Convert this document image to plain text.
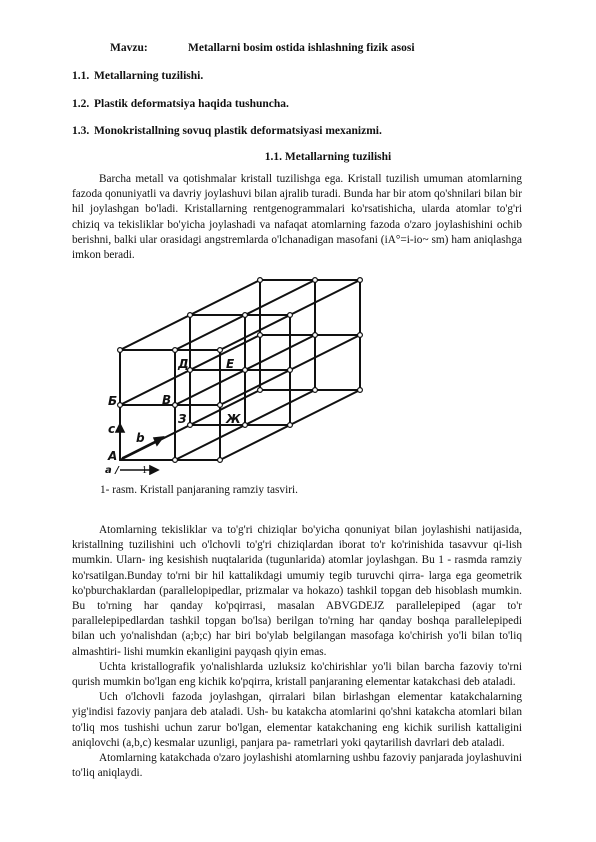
Mavzu:	Metallarni bosim ostida ishlashning fizik asosi
1.1. Metallarning tuzilishi.
1.2. Plastik deformatsiya haqida tushuncha.
1.3. Monokristallning sovuq plastik deformatsiyasi mexanizmi.
1.1. Metallarning tuzilishi

Barcha metall va qotishmalar kristall tuzilishga ega. Kristall tuzilish umuman atomlarning fazoda qonuniyatli va davriy joylashuvi bilan ajralib turadi. Bunda har bir atom qo'shnilari bilan bir hil joylashgan bo'ladi. Kristallarning rentgenogrammalari ko'rsatishicha, ularda atomlar to'g'ri chiziq va tekisliklar bo'yicha joylashadi va nafaqat atomlarning fazoda o'zaro joylashishini ochib berishni, balki ular orasidagi angstremlarda o'lchanadigan masofani (iA°=i-io~ sm) ham aniqlashga imkon beradi.

A
Б	В
Д	Е
З	Ж
c
b
a / 1
1- rasm. Kristall panjaraning ramziy tasviri.

Atomlarning tekisliklar va to'g'ri chiziqlar bo'yicha qonuniyat bilan joylashishi natijasida, kristallning tuzilishini uch o'lchovli to'g'ri chiziqlardan iborat to'r ko'rinishida tasavvur qi-lish mumkin. Ularn- ing kesishish nuqtalarida (tugunlarida) atomlar joylashgan. Bu 1 - rasmda ramziy ko'rsatilgan.Bunday to'rni bir hil kattalikdagi umumiy tegib turuvchi qirra- larga ega geometrik ko'pburchaklardan (parallelopipedlar, prizmalar va hokazo) tashkil topgan deb hisoblash mumkin. Bu to'rning har qanday ko'pqirrasi, masalan ABVGDEJZ parallelepiped (agar to'r parallelepipedlardan tashkil topgan bo'lsa) berilgan to'rning har qanday boshqa parallelepipedi bilan uch yo'nalishdan (a;b;c) har biri bo'ylab belgilangan masofaga ko'chirish yo'li bilan to'liq almashtiri- lishi mumkin ekanligini payqash qiyin emas.

Uchta kristallografik yo'nalishlarda uzluksiz ko'chirishlar yo'li bilan barcha fazoviy to'rni qurish mumkin bo'lgan eng kichik ko'pqirra, kristall panjaraning elementar katakchasi deb ataladi.

Uch o'lchovli fazoda joylashgan, qirralari bilan birlashgan elementar katakchalarning yig'indisi fazoviy panjara deb ataladi. Ush- bu katakcha atomlarini qo'shni katakcha atomlari bilan to'liq mos tushishi uchun zarur bo'lgan, elementar katakchaning eng kichik surilish kattaligini aniqlovchi (a,b,c) kesmalar uzunligi, panjara pa- rametrlari yoki qaytarilish davrlari deb ataladi.

Atomlarning katakchada o'zaro joylashishi atomlarning ushbu fazoviy panjarada joylashuvini to'liq aniqlaydi.
